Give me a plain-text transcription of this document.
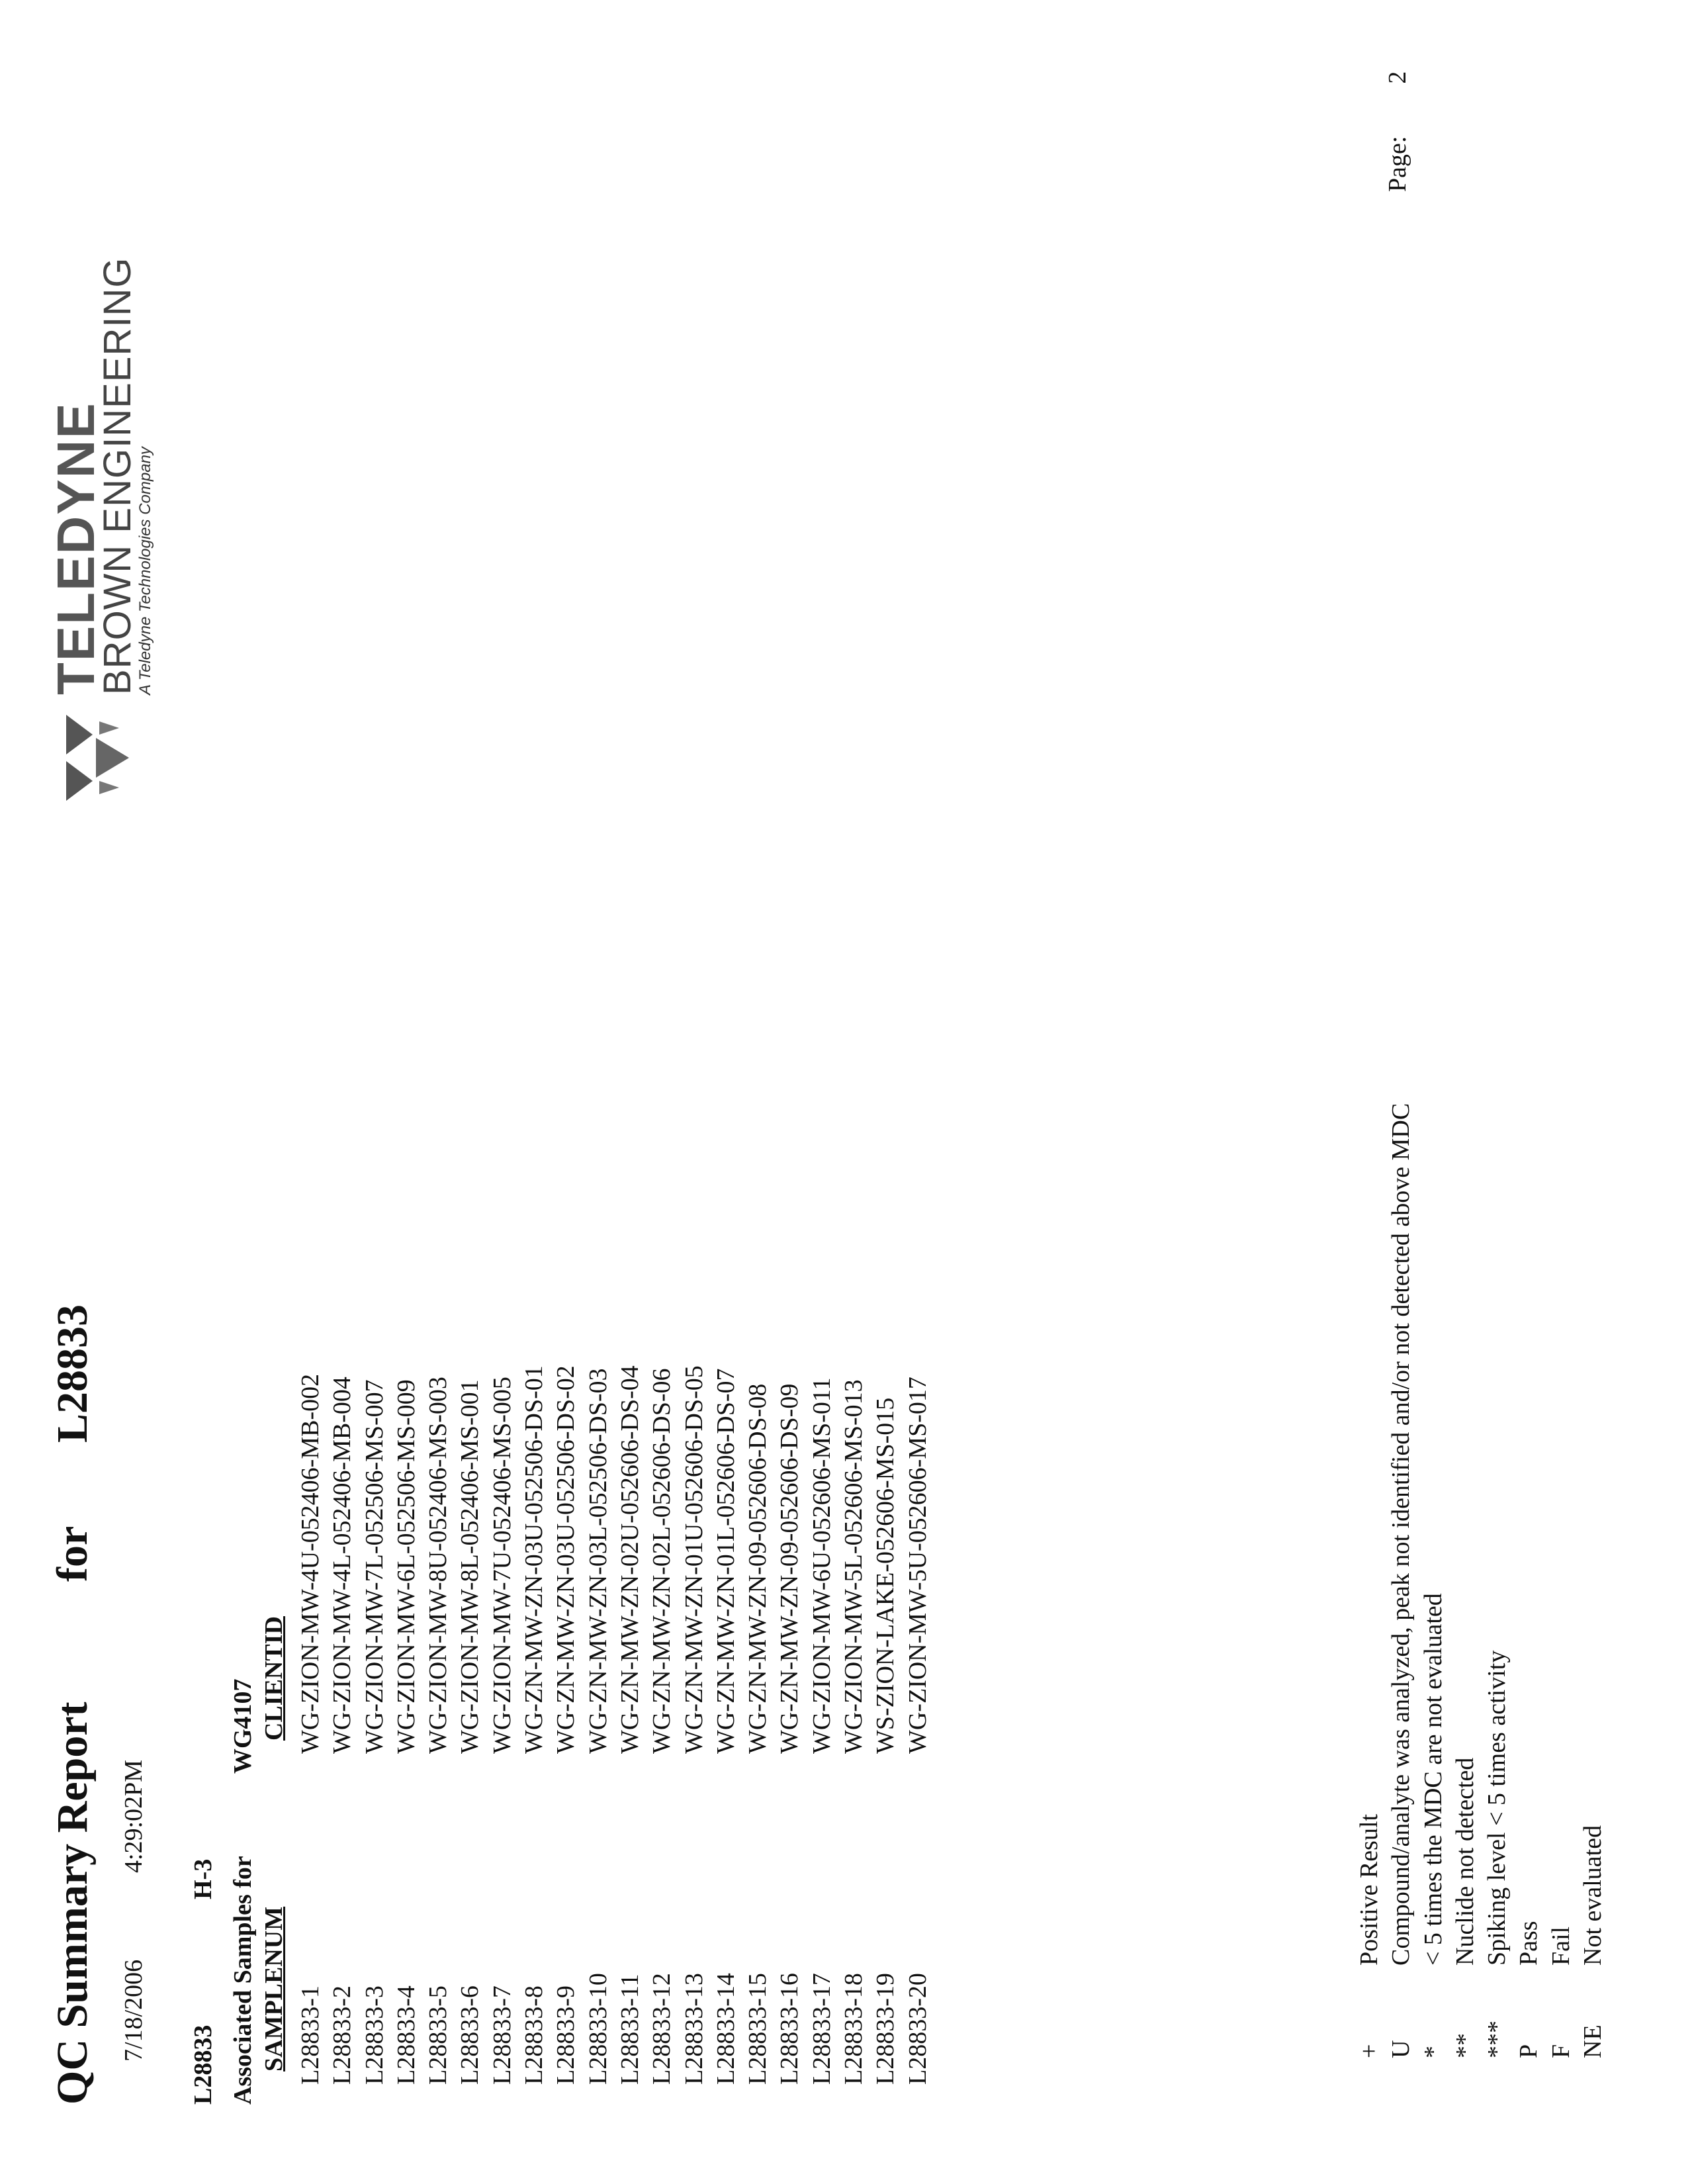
QC Summary Report
for
L28833
7/18/2006
4:29:02PM
L28833
H-3 Associated Samples for
WG4107
SAMPLENUM
CLIENTID
L28833-1
WG-ZION-MW-4U-052406-MB-002
L28833-2
WG-ZION-MW-4L-052406-MB-004
L28833-3
WG-ZION-MW-7L-052506-MS-007
L28833-4
WG-ZION-MW-6L-052506-MS-009
L28833-5
WG-ZION-MW-8U-052406-MS-003
L28833-6
WG-ZION-MW-8L-052406-MS-001
L28833-7
WG-ZION-MW-7U-052406-MS-005
L28833-8
WG-ZN-MW-ZN-03U-052506-DS-01
L28833-9
WG-ZN-MW-ZN-03U-052506-DS-02
L28833-10
WG-ZN-MW-ZN-03L-052506-DS-03
L28833-11
WG-ZN-MW-ZN-02U-052606-DS-04
L28833-12
WG-ZN-MW-ZN-02L-052606-DS-06
L28833-13
WG-ZN-MW-ZN-01U-052606-DS-05
L28833-14
WG-ZN-MW-ZN-01L-052606-DS-07
L28833-15
WG-ZN-MW-ZN-09-052606-DS-08
L28833-16
WG-ZN-MW-ZN-09-052606-DS-09
L28833-17
WG-ZION-MW-6U-052606-MS-011
L28833-18
WG-ZION-MW-5L-052606-MS-013
L28833-19
WS-ZION-LAKE-052606-MS-015
L28833-20
WG-ZION-MW-5U-052606-MS-017
+
Positive Result
U
Compound/analyte was analyzed, peak not identified and/or not detected above MDC
*
< 5 times the MDC are not evaluated
**
Nuclide not detected
***
Spiking level < 5 times activity
P
Pass
F
Fail
NE
Not evaluated
Page:  2
TELEDYNE
BROWN ENGINEERING
A Teledyne Technologies Company
